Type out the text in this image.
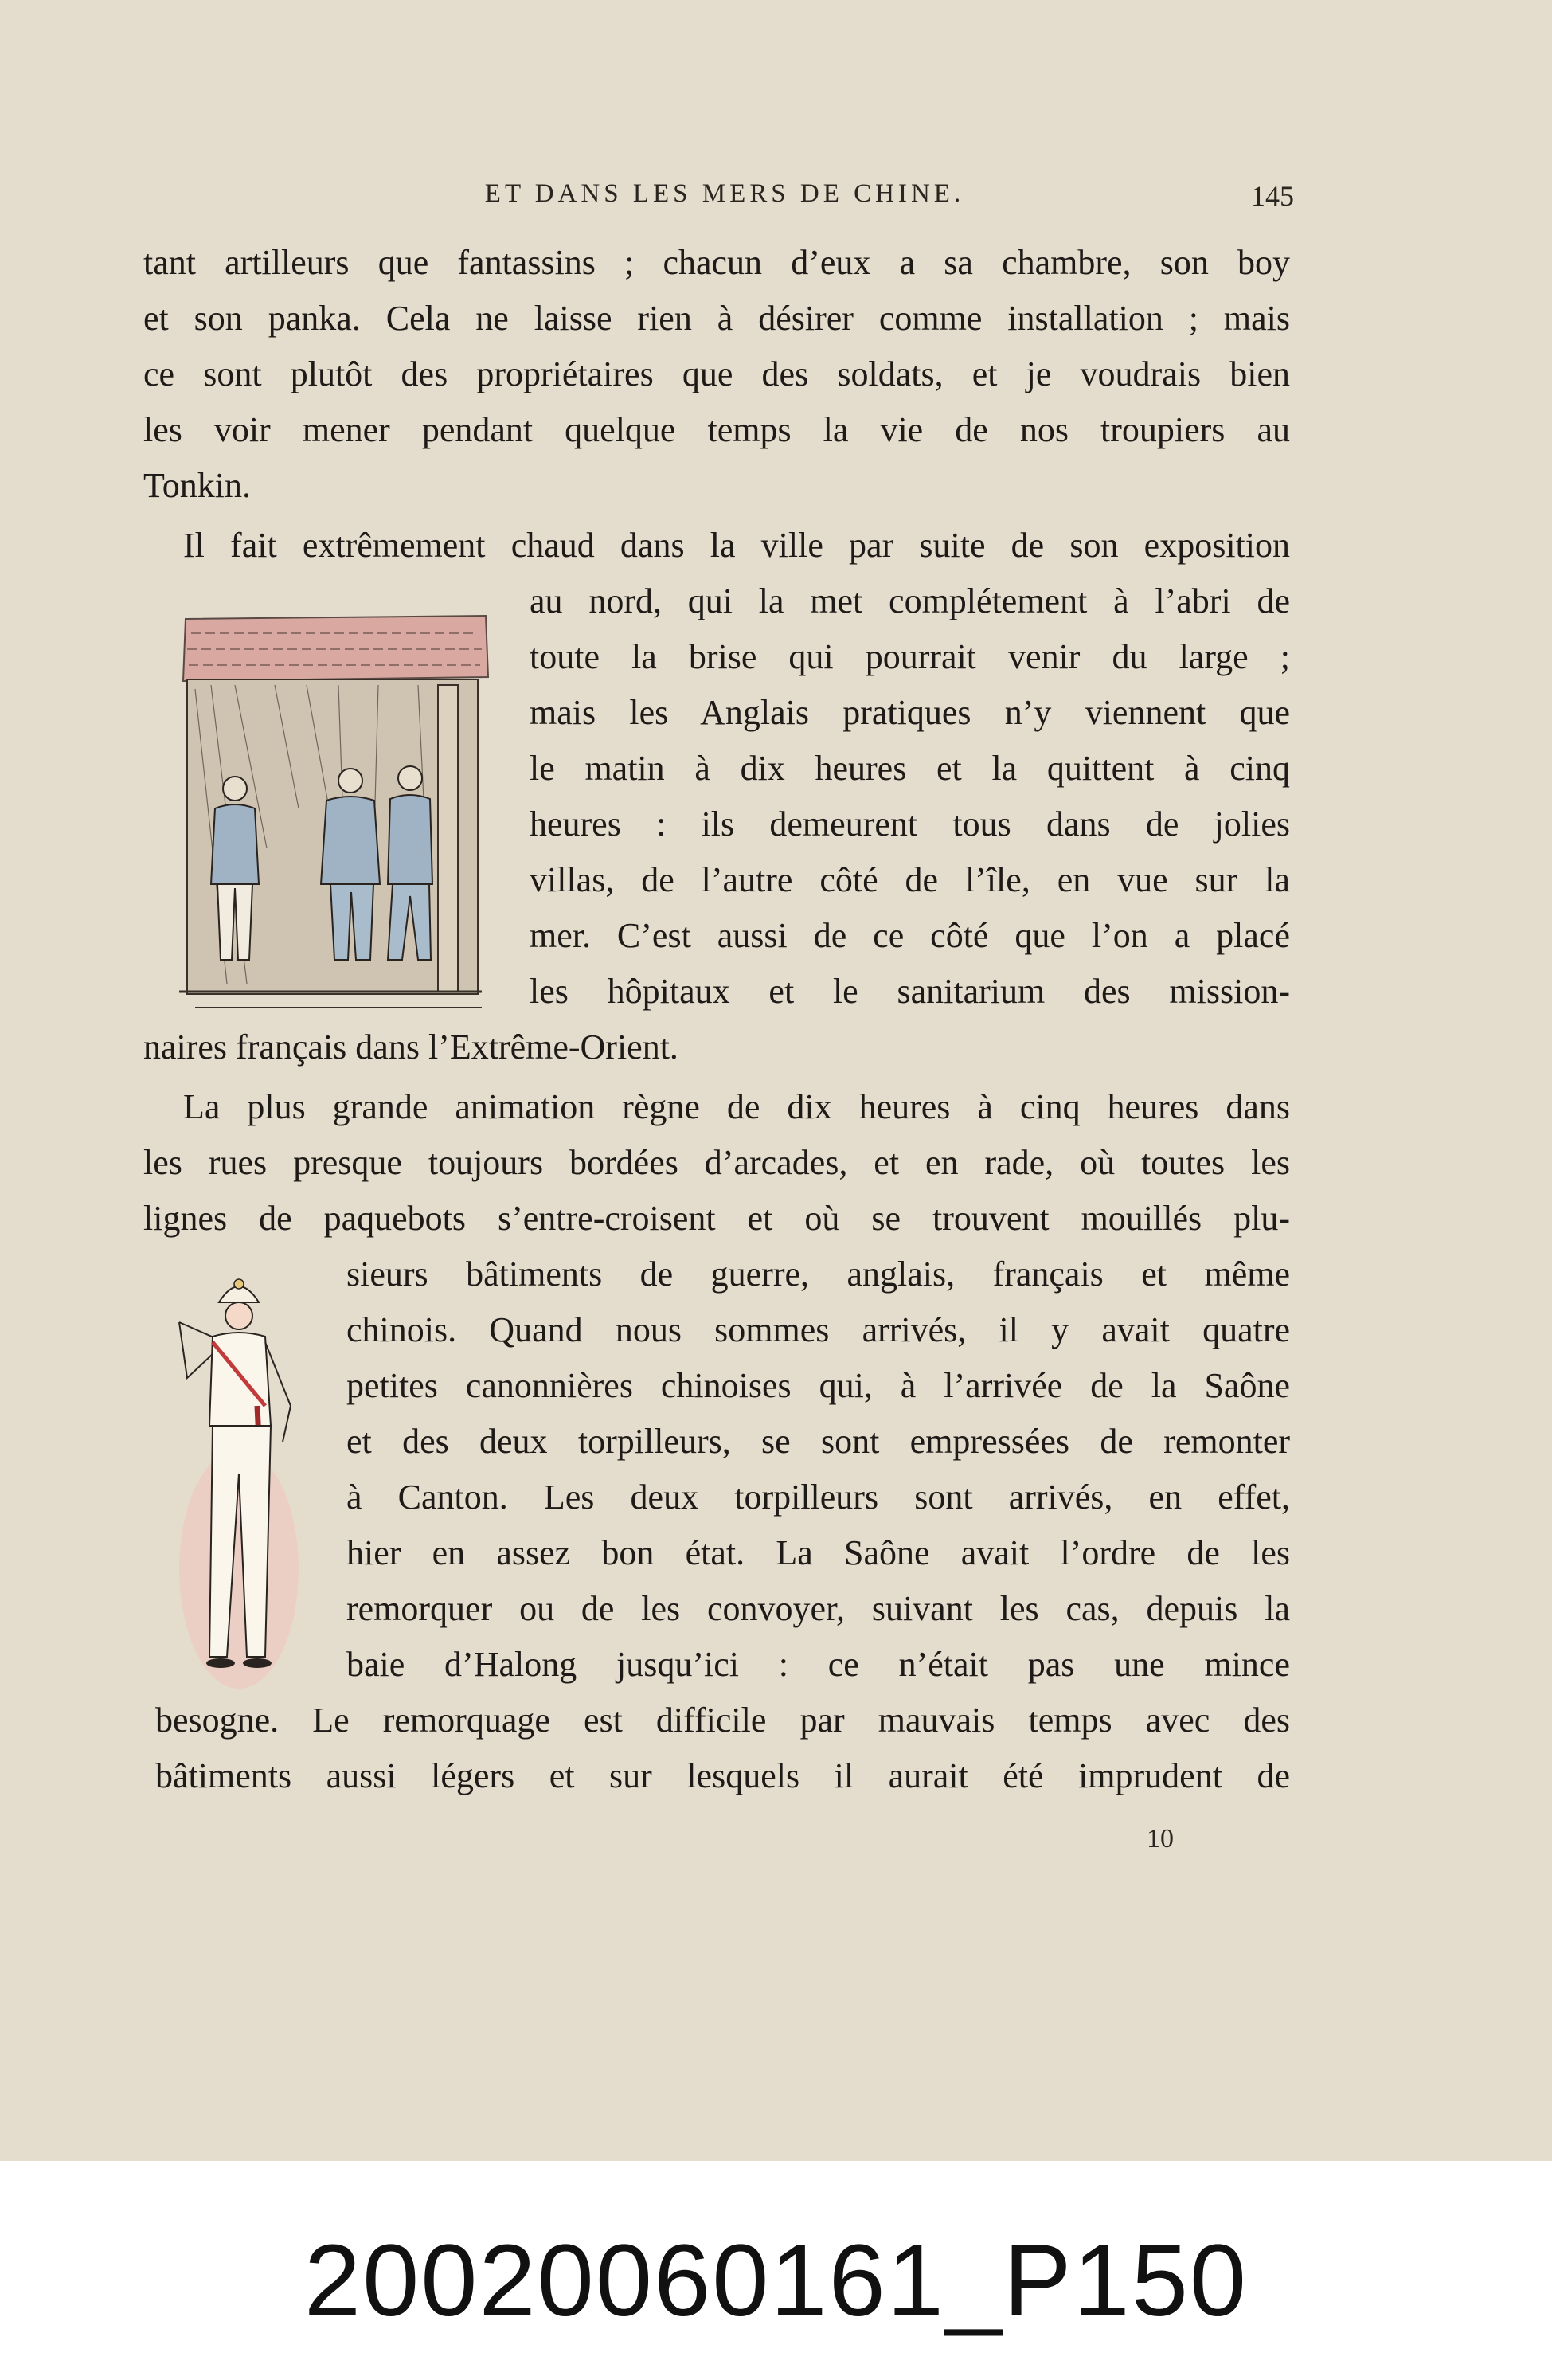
ET DANS LES MERS DE CHINE.	145
tant artilleurs que fantassins ; chacun d’eux a sa chambre, son boy
et son panka. Cela ne laisse rien à désirer comme installation ; mais
ce sont plutôt des propriétaires que des soldats, et je voudrais bien
les voir mener pendant quelque temps la vie de nos troupiers au
Tonkin.
Il fait extrêmement chaud dans la ville par suite de son exposition
au nord, qui la met complétement à l’abri de
toute la brise qui pourrait venir du large ;
mais les Anglais pratiques n’y viennent que
le matin à dix heures et la quittent à cinq
heures : ils demeurent tous dans de jolies
villas, de l’autre côté de l’île, en vue sur la
mer. C’est aussi de ce côté que l’on a placé
les hôpitaux et le sanitarium des mission-
naires français dans l’Extrême-Orient.
La plus grande animation règne de dix heures à cinq heures dans
les rues presque toujours bordées d’arcades, et en rade, où toutes les
lignes de paquebots s’entre-croisent et où se trouvent mouillés plu-
sieurs bâtiments de guerre, anglais, français et même
chinois. Quand nous sommes arrivés, il y avait quatre
petites canonnières chinoises qui, à l’arrivée de la Saône
et des deux torpilleurs, se sont empressées de remonter
à Canton. Les deux torpilleurs sont arrivés, en effet,
hier en assez bon état. La Saône avait l’ordre de les
remorquer ou de les convoyer, suivant les cas, depuis la
baie d’Halong jusqu’ici : ce n’était pas une mince
besogne. Le remorquage est difficile par mauvais temps avec des
bâtiments aussi légers et sur lesquels il aurait été imprudent de
10
20020060161_P150
